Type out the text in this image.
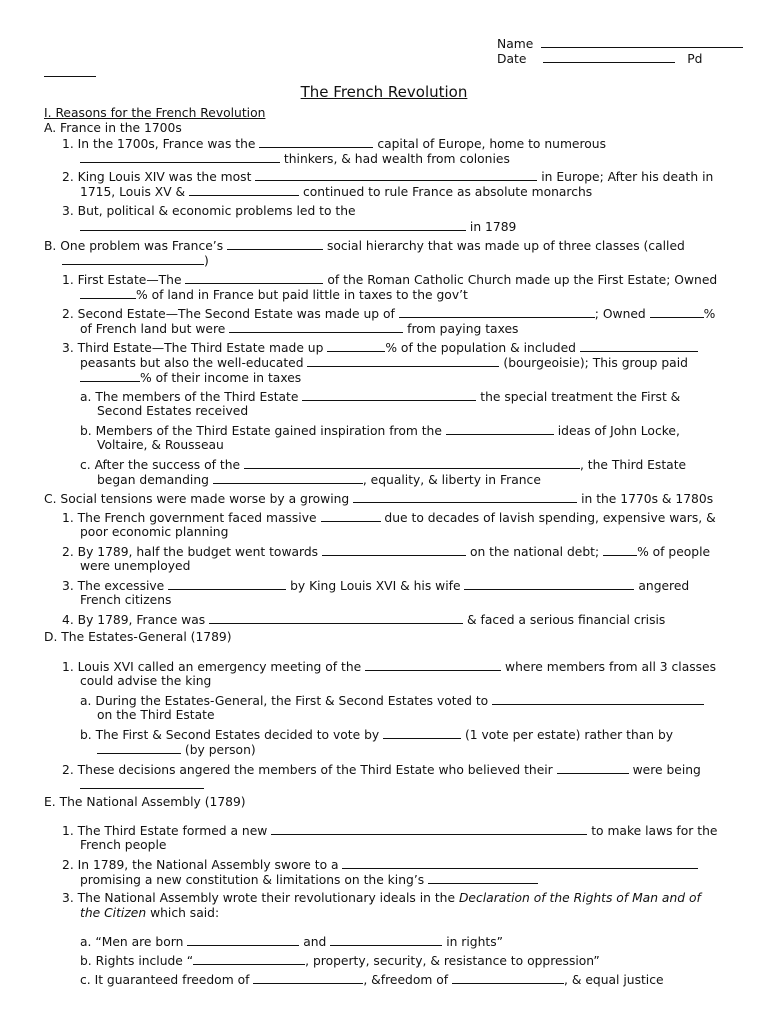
Name
Date	Pd
The French Revolution
I. Reasons for the French Revolution
A. France in the 1700s
1. In the 1700s, France was the	capital of Europe, home to numerous
thinkers, & had wealth from colonies
2. King Louis XIV was the most	in Europe; After his death in
1715, Louis XV &	continued to rule France as absolute monarchs
3. But, political & economic problems led to the
in 1789
B. One problem was France’s	social hierarchy that was made up of three classes (called
)
1. First Estate—The	of the Roman Catholic Church made up the First Estate; Owned
% of land in France but paid little in taxes to the gov’t
2. Second Estate—The Second Estate was made up of	; Owned	%
of French land but were	from paying taxes
3. Third Estate—The Third Estate made up	% of the population & included
peasants but also the well-educated	(bourgeoisie); This group paid
% of their income in taxes
a. The members of the Third Estate	the special treatment the First &
Second Estates received
b. Members of the Third Estate gained inspiration from the	ideas of John Locke,
Voltaire, & Rousseau
c. After the success of the	, the Third Estate
began demanding	, equality, & liberty in France
C. Social tensions were made worse by a growing	in the 1770s & 1780s
1. The French government faced massive	due to decades of lavish spending, expensive wars, &
poor economic planning
2. By 1789, half the budget went towards	on the national debt;	% of people
were unemployed
3. The excessive	by King Louis XVI & his wife	angered
French citizens
4. By 1789, France was	& faced a serious financial crisis
D. The Estates-General (1789)
1. Louis XVI called an emergency meeting of the	where members from all 3 classes
could advise the king
a. During the Estates-General, the First & Second Estates voted to
on the Third Estate
b. The First & Second Estates decided to vote by	(1 vote per estate) rather than by
(by person)
2. These decisions angered the members of the Third Estate who believed their	were being
E. The National Assembly (1789)
1. The Third Estate formed a new	to make laws for the
French people
2. In 1789, the National Assembly swore to a
promising a new constitution & limitations on the king’s
3. The National Assembly wrote their revolutionary ideals in the Declaration of the Rights of Man and of
the Citizen which said:
a. “Men are born	and	in rights”
b. Rights include “	, property, security, & resistance to oppression”
c. It guaranteed freedom of	, &freedom of	, & equal justice
